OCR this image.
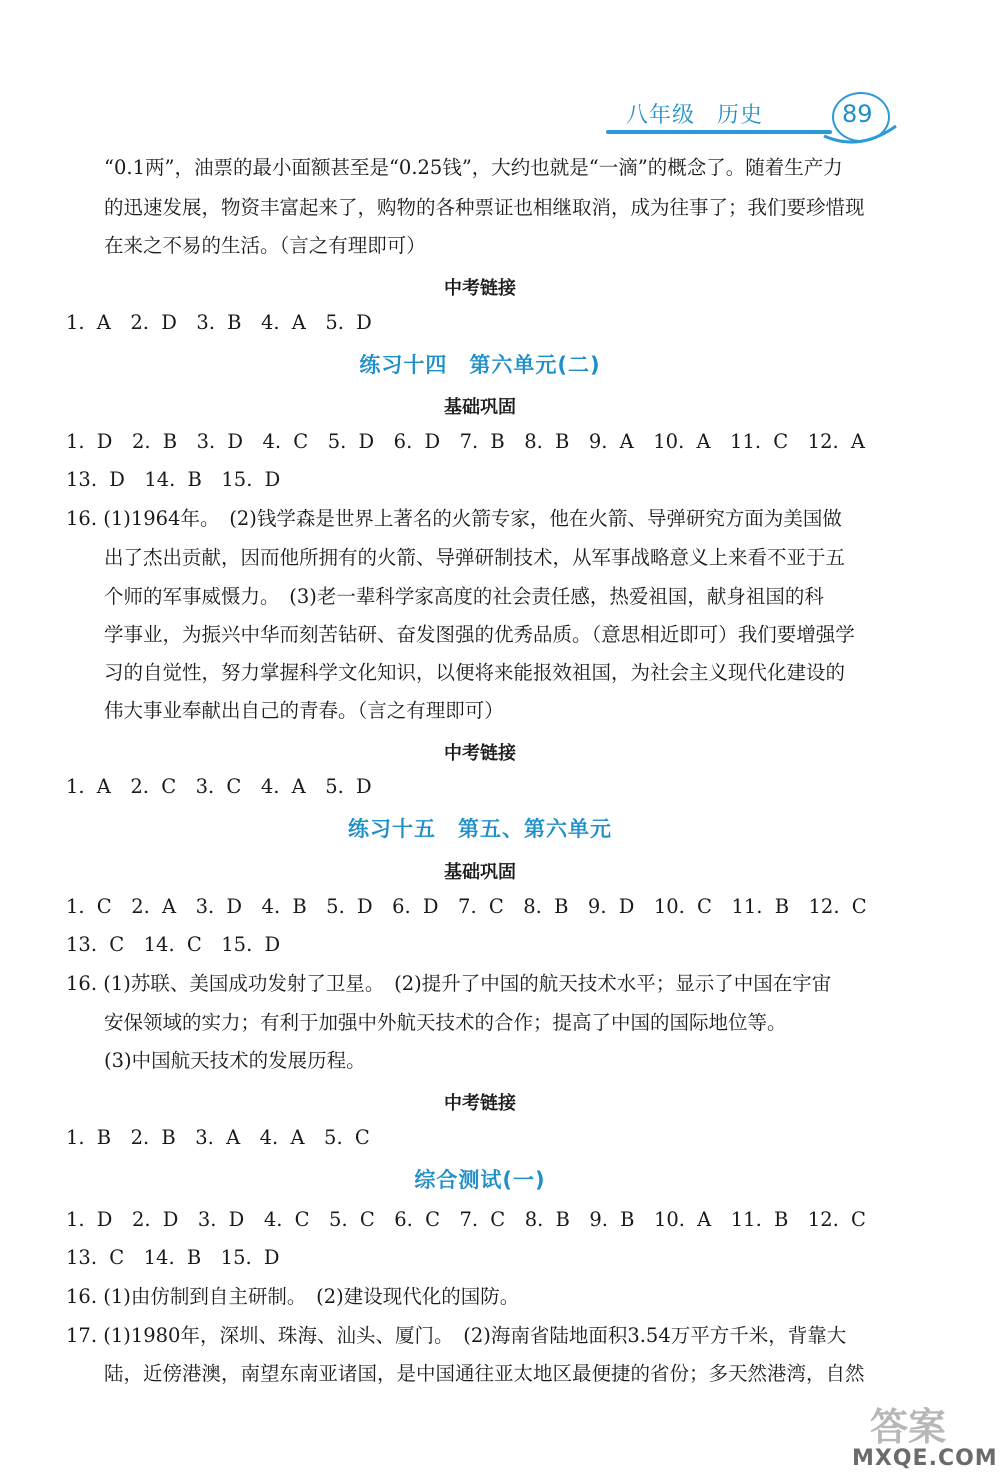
八年级 历史	89
“0.1两”，油票的最小面额甚至是“0.25钱”，大约也就是“一滴”的概念了。随着生产力
的迅速发展，物资丰富起来了，购物的各种票证也相继取消，成为往事了；我们要珍惜现
在来之不易的生活。（言之有理即可）
中考链接
1. A　2. D　3. B　4. A　5. D
练习十四　第六单元(二)
基础巩固
1. D　2. B　3. D　4. C　5. D　6. D　7. B　8. B　9. A　10. A　11. C　12. A
13. D　14. B　15. D
16. (1)1964年。　(2)钱学森是世界上著名的火箭专家，他在火箭、导弹研究方面为美国做
出了杰出贡献，因而他所拥有的火箭、导弹研制技术，从军事战略意义上来看不亚于五
个师的军事威慑力。　(3)老一辈科学家高度的社会责任感，热爱祖国，献身祖国的科
学事业，为振兴中华而刻苦钻研、奋发图强的优秀品质。（意思相近即可）我们要增强学
习的自觉性，努力掌握科学文化知识，以便将来能报效祖国，为社会主义现代化建设的
伟大事业奉献出自己的青春。（言之有理即可）
中考链接
1. A　2. C　3. C　4. A　5. D
练习十五　第五、第六单元
基础巩固
1. C　2. A　3. D　4. B　5. D　6. D　7. C　8. B　9. D　10. C　11. B　12. C
13. C　14. C　15. D
16. (1)苏联、美国成功发射了卫星。　(2)提升了中国的航天技术水平；显示了中国在宇宙
安保领域的实力；有利于加强中外航天技术的合作；提高了中国的国际地位等。
(3)中国航天技术的发展历程。
中考链接
1. B　2. B　3. A　4. A　5. C
综合测试(一)
1. D　2. D　3. D　4. C　5. C　6. C　7. C　8. B　9. B　10. A　11. B　12. C
13. C　14. B　15. D
16. (1)由仿制到自主研制。　(2)建设现代化的国防。
17. (1)1980年，深圳、珠海、汕头、厦门。　(2)海南省陆地面积3.54万平方千米，背靠大
陆，近傍港澳，南望东南亚诸国，是中国通往亚太地区最便捷的省份；多天然港湾，自然
答案
MXQE.COM
